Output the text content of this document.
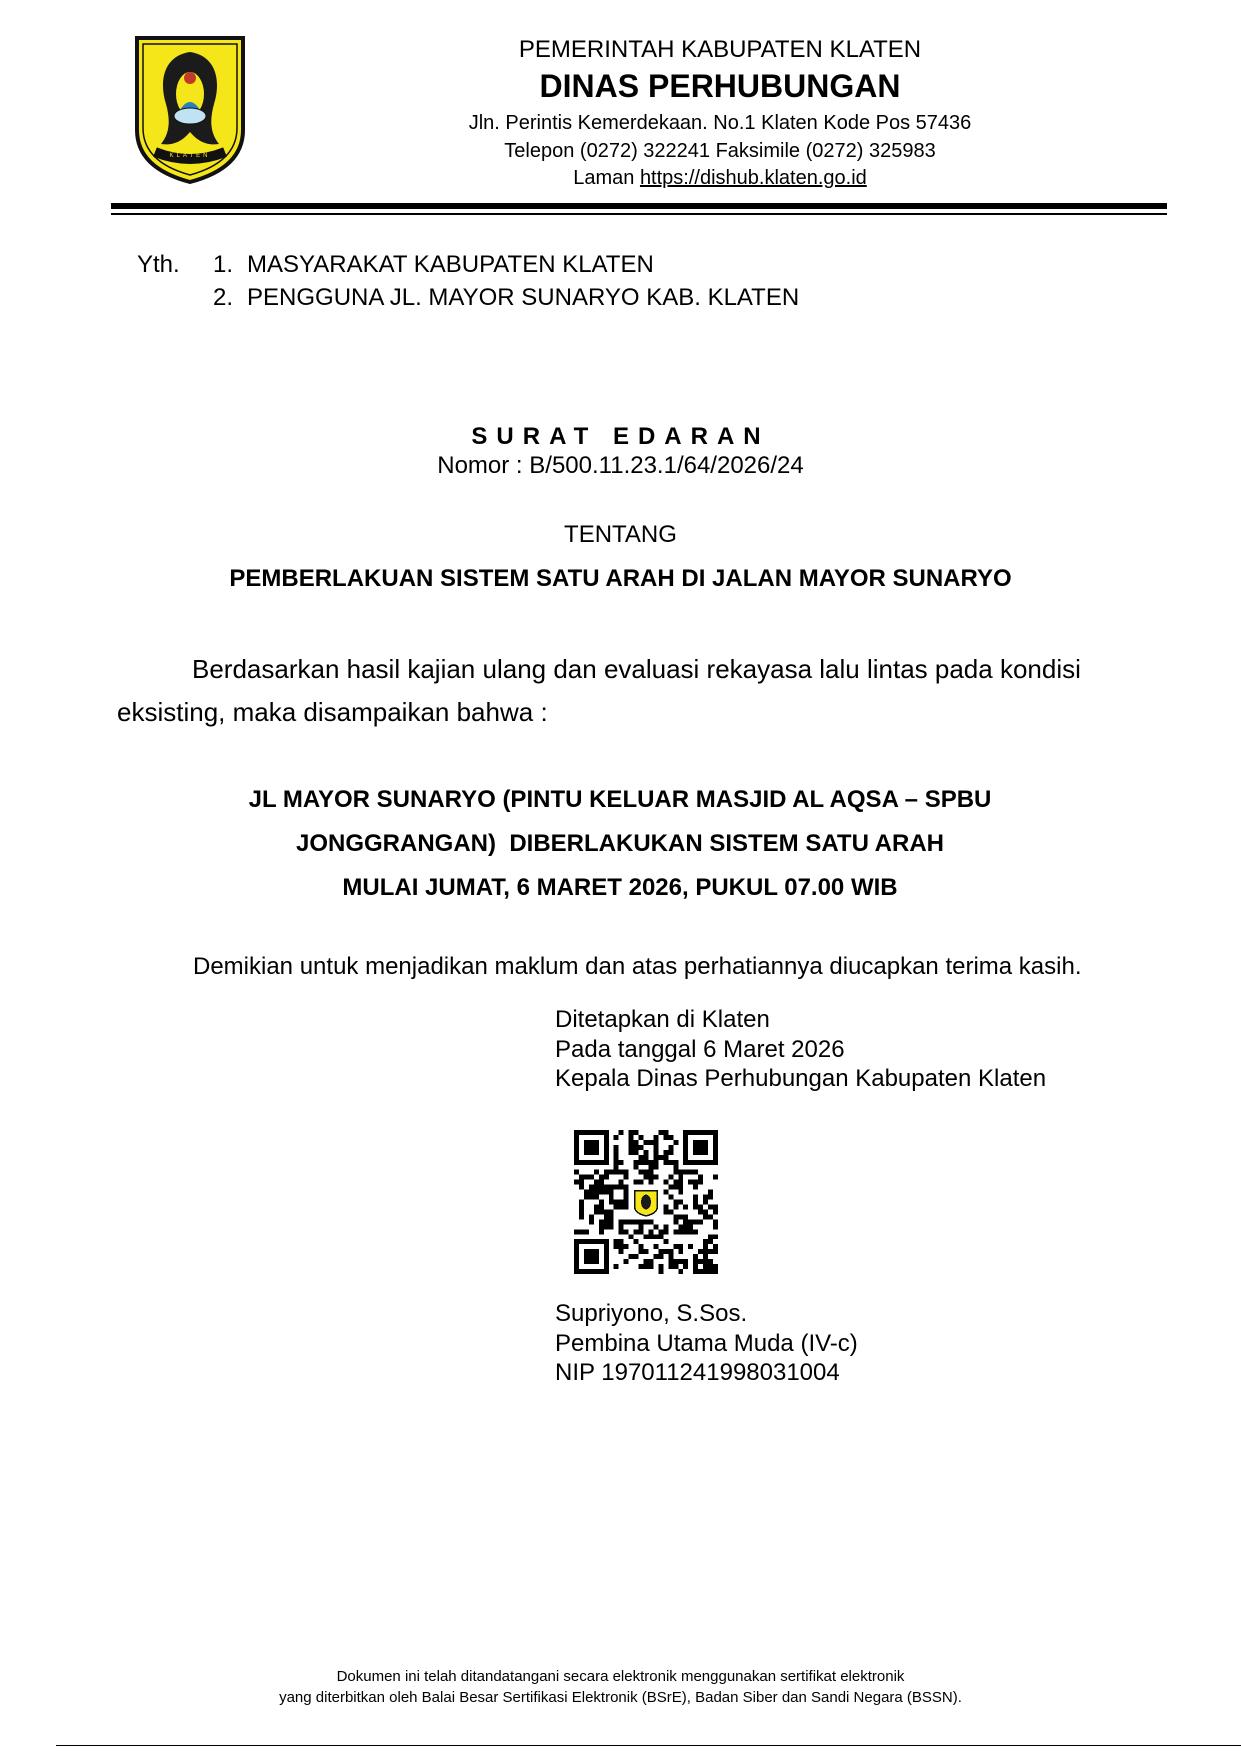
KLATEN
PEMERINTAH KABUPATEN KLATEN
DINAS PERHUBUNGAN
Jln. Perintis Kemerdekaan. No.1 Klaten Kode Pos 57436
Telepon (0272) 322241 Faksimile (0272) 325983
Laman https://dishub.klaten.go.id
Yth. 1. MASYARAKAT KABUPATEN KLATEN
2. PENGGUNA JL. MAYOR SUNARYO KAB. KLATEN
SURAT EDARAN
Nomor : B/500.11.23.1/64/2026/24
TENTANG
PEMBERLAKUAN SISTEM SATU ARAH DI JALAN MAYOR SUNARYO
Berdasarkan hasil kajian ulang dan evaluasi rekayasa lalu lintas pada kondisi eksisting, maka disampaikan bahwa :
JL MAYOR SUNARYO (PINTU KELUAR MASJID AL AQSA – SPBU
JONGGRANGAN)  DIBERLAKUKAN SISTEM SATU ARAH
MULAI JUMAT, 6 MARET 2026, PUKUL 07.00 WIB
Demikian untuk menjadikan maklum dan atas perhatiannya diucapkan terima kasih.
Ditetapkan di Klaten
Pada tanggal 6 Maret 2026
Kepala Dinas Perhubungan Kabupaten Klaten
Supriyono, S.Sos.
Pembina Utama Muda (IV-c)
NIP 197011241998031004
Dokumen ini telah ditandatangani secara elektronik menggunakan sertifikat elektronik
yang diterbitkan oleh Balai Besar Sertifikasi Elektronik (BSrE), Badan Siber dan Sandi Negara (BSSN).
